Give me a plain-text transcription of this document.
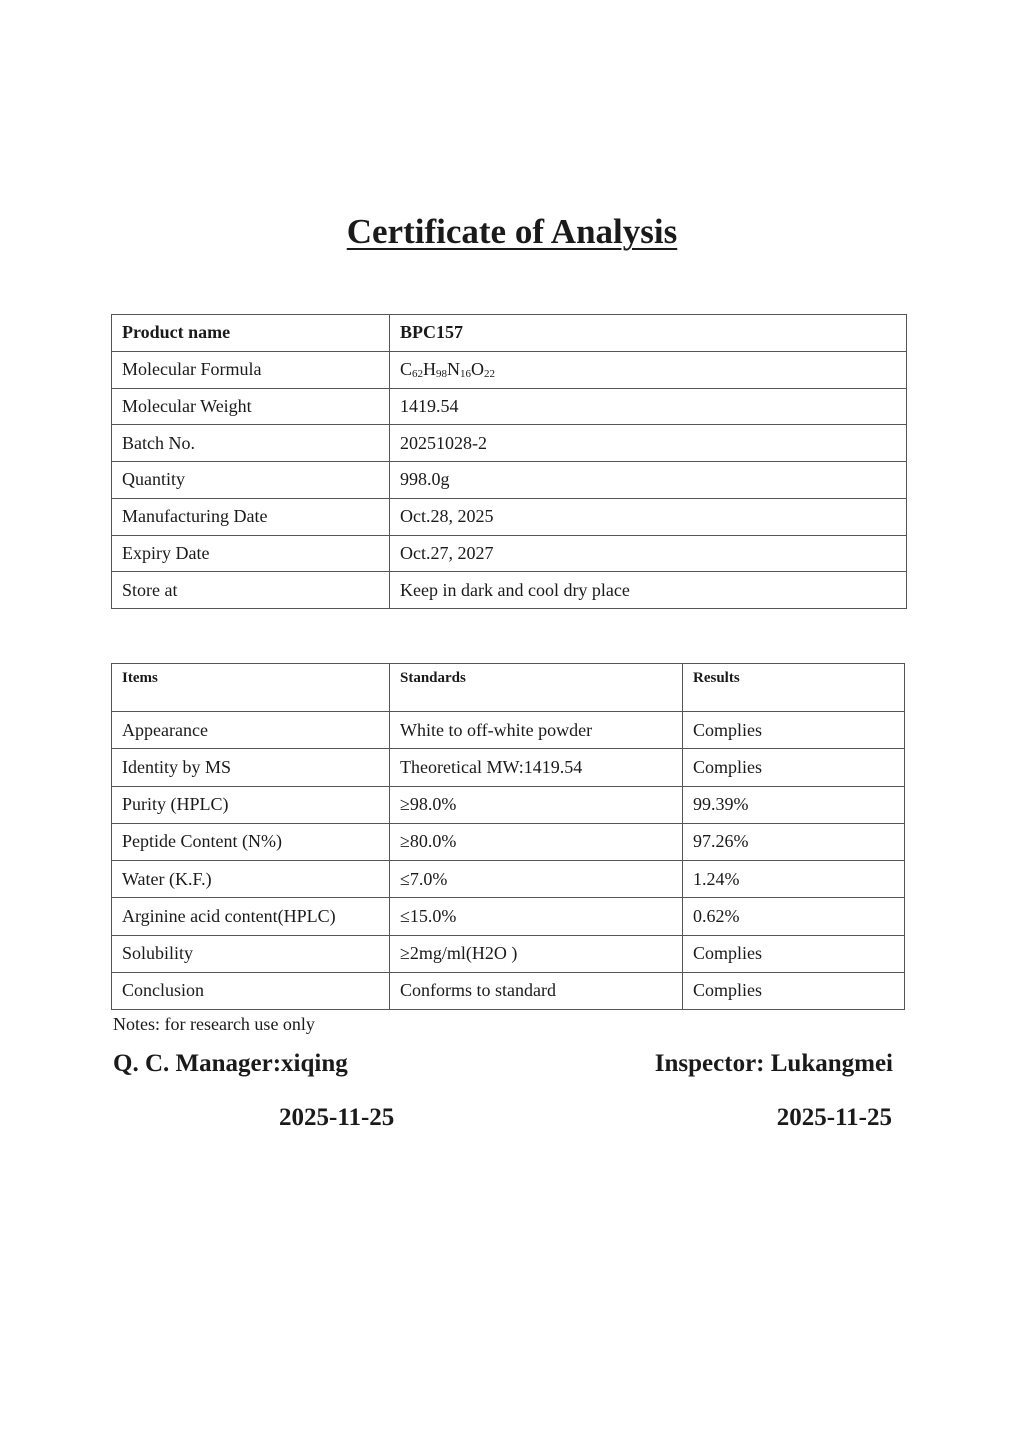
Certificate of Analysis
Product name	BPC157
Molecular Formula	$C_{62}H_{98}N_{16}O_{22}$
Molecular Weight	1419.54
Batch No.	20251028-2
Quantity	998.0g
Manufacturing Date	Oct.28, 2025
Expiry Date	Oct.27, 2027
Store at	Keep in dark and cool dry place
Items	Standards	Results
Appearance	White to off-white powder	Complies
Identity by MS	Theoretical MW:1419.54	Complies
Purity (HPLC)	≥98.0%	99.39%
Peptide Content (N%)	≥80.0%	97.26%
Water (K.F.)	≤7.0%	1.24%
Arginine acid content(HPLC)	≤15.0%	0.62%
Solubility	≥2mg/ml(H2O )	Complies
Conclusion	Conforms to standard	Complies

Notes: for research use only

Q. C. Manager:xiqing	Inspector: Lukangmei

2025-11-25	2025-11-25
